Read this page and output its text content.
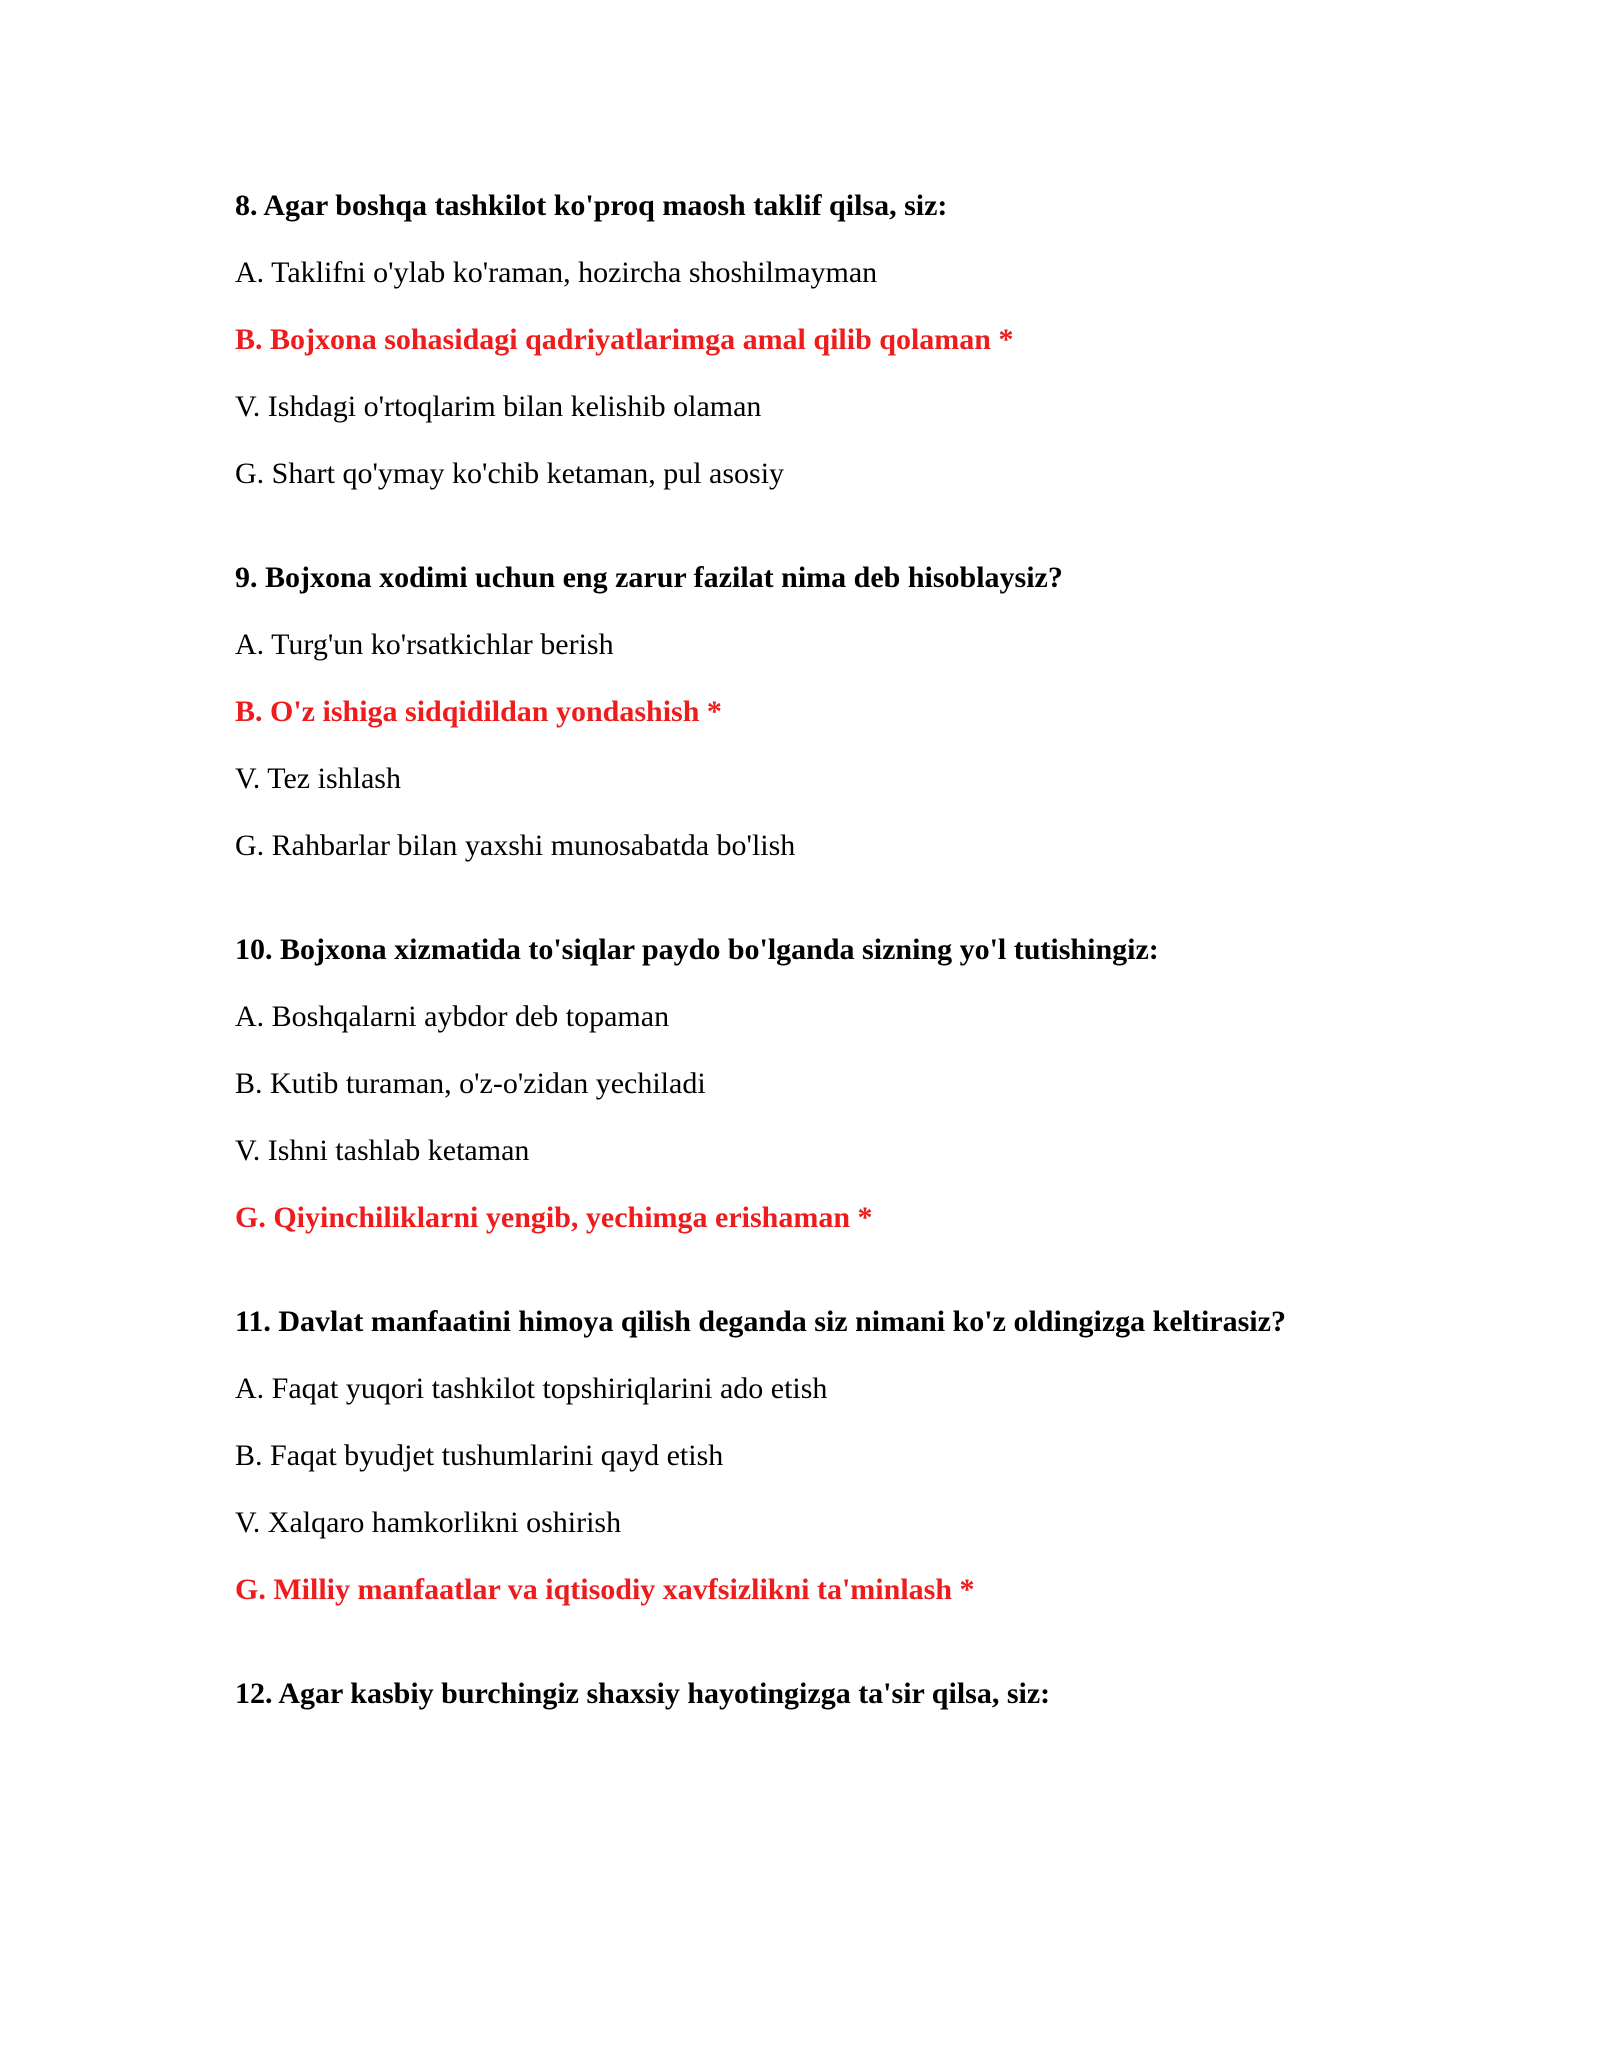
8. Agar boshqa tashkilot ko'proq maosh taklif qilsa, siz:
A. Taklifni o'ylab ko'raman, hozircha shoshilmayman
B. Bojxona sohasidagi qadriyatlarimga amal qilib qolaman *
V. Ishdagi o'rtoqlarim bilan kelishib olaman
G. Shart qo'ymay ko'chib ketaman, pul asosiy
9. Bojxona xodimi uchun eng zarur fazilat nima deb hisoblaysiz?
A. Turg'un ko'rsatkichlar berish
B. O'z ishiga sidqidildan yondashish *
V. Tez ishlash
G. Rahbarlar bilan yaxshi munosabatda bo'lish
10. Bojxona xizmatida to'siqlar paydo bo'lganda sizning yo'l tutishingiz:
A. Boshqalarni aybdor deb topaman
B. Kutib turaman, o'z-o'zidan yechiladi
V. Ishni tashlab ketaman
G. Qiyinchiliklarni yengib, yechimga erishaman *
11. Davlat manfaatini himoya qilish deganda siz nimani ko'z oldingizga keltirasiz?
A. Faqat yuqori tashkilot topshiriqlarini ado etish
B. Faqat byudjet tushumlarini qayd etish
V. Xalqaro hamkorlikni oshirish
G. Milliy manfaatlar va iqtisodiy xavfsizlikni ta'minlash *
12. Agar kasbiy burchingiz shaxsiy hayotingizga ta'sir qilsa, siz:
